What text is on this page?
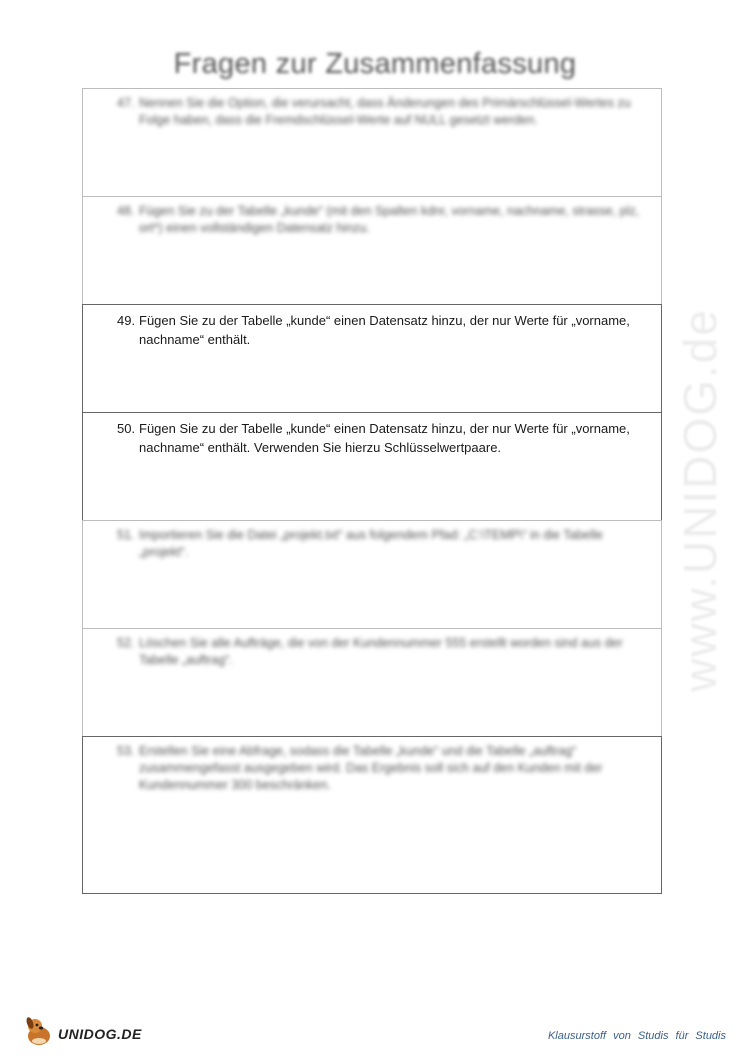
Fragen zur Zusammenfassung
www.UNIDOG.de
47. Nennen Sie die Option, die verursacht, dass Änderungen des Primärschlüssel-Wertes zu Folge haben, dass die Fremdschlüssel-Werte auf NULL gesetzt werden.
48. Fügen Sie zu der Tabelle „kunde“ (mit den Spalten kdnr, vorname, nachname, strasse, plz, ort*) einen vollständigen Datensatz hinzu.
49. Fügen Sie zu der Tabelle „kunde“ einen Datensatz hinzu, der nur Werte für „vorname, nachname“ enthält.
50. Fügen Sie zu der Tabelle „kunde“ einen Datensatz hinzu, der nur Werte für „vorname, nachname“ enthält. Verwenden Sie hierzu Schlüsselwertpaare.
51. Importieren Sie die Datei „projekt.txt“ aus folgendem Pfad: „C:\TEMP\“ in die Tabelle „projekt“.
52. Löschen Sie alle Aufträge, die von der Kundennummer 555 erstellt worden sind aus der Tabelle „auftrag“.
53. Erstellen Sie eine Abfrage, sodass die Tabelle „kunde“ und die Tabelle „auftrag“ zusammengefasst ausgegeben wird. Das Ergebnis soll sich auf den Kunden mit der Kundennummer 300 beschränken.
UNIDOG.DE	Klausurstoff von Studis für Studis
